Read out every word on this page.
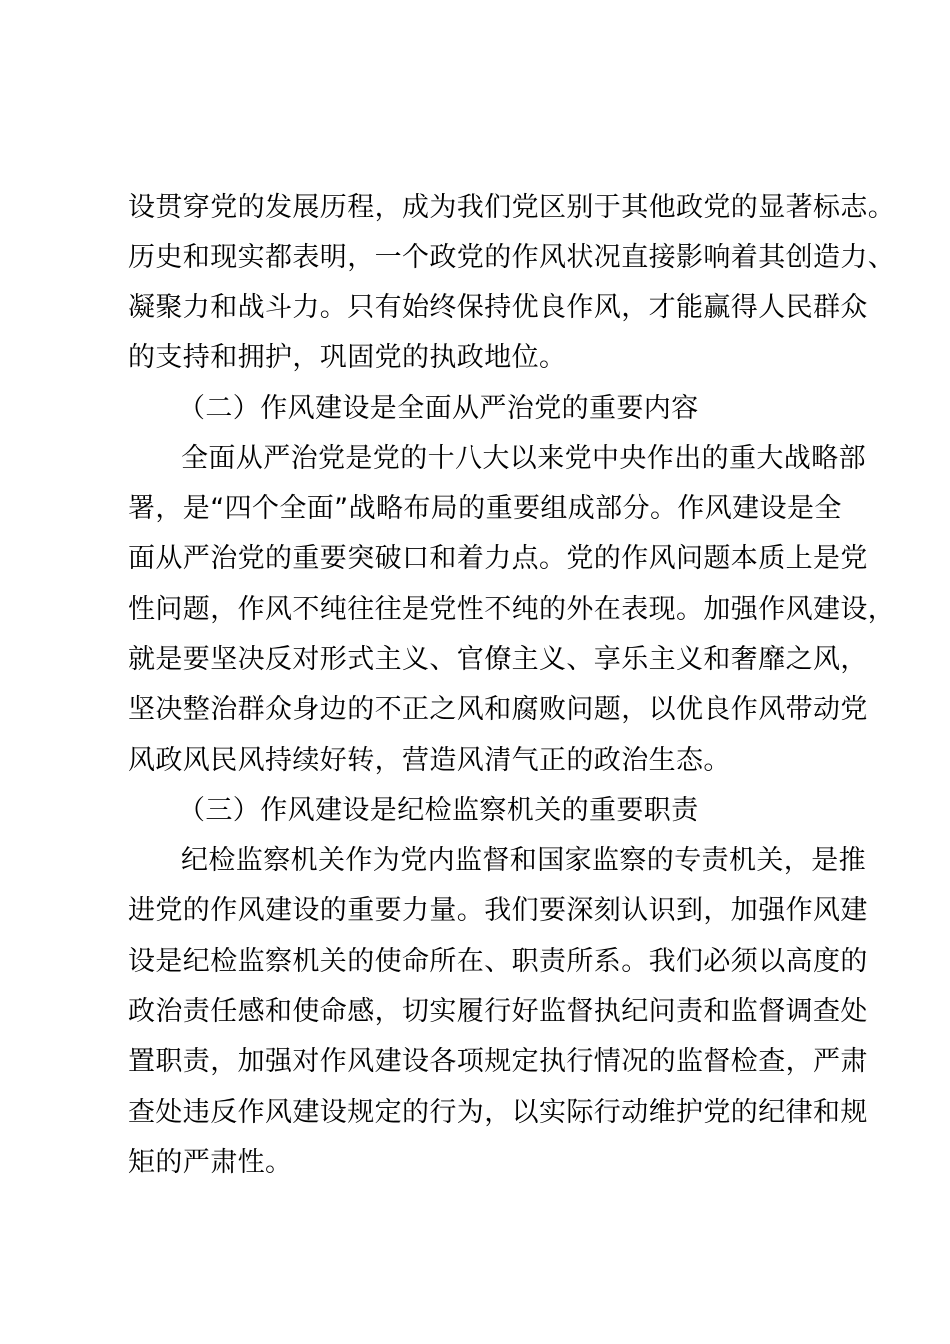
设贯穿党的发展历程，成为我们党区别于其他政党的显著标志。
历史和现实都表明，一个政党的作风状况直接影响着其创造力、
凝聚力和战斗力。只有始终保持优良作风，才能赢得人民群众
的支持和拥护，巩固党的执政地位。
（二）作风建设是全面从严治党的重要内容
全面从严治党是党的十八大以来党中央作出的重大战略部
署，是“四个全面”战略布局的重要组成部分。作风建设是全
面从严治党的重要突破口和着力点。党的作风问题本质上是党
性问题，作风不纯往往是党性不纯的外在表现。加强作风建设，
就是要坚决反对形式主义、官僚主义、享乐主义和奢靡之风，
坚决整治群众身边的不正之风和腐败问题，以优良作风带动党
风政风民风持续好转，营造风清气正的政治生态。
（三）作风建设是纪检监察机关的重要职责
纪检监察机关作为党内监督和国家监察的专责机关，是推
进党的作风建设的重要力量。我们要深刻认识到，加强作风建
设是纪检监察机关的使命所在、职责所系。我们必须以高度的
政治责任感和使命感，切实履行好监督执纪问责和监督调查处
置职责，加强对作风建设各项规定执行情况的监督检查，严肃
查处违反作风建设规定的行为，以实际行动维护党的纪律和规
矩的严肃性。
